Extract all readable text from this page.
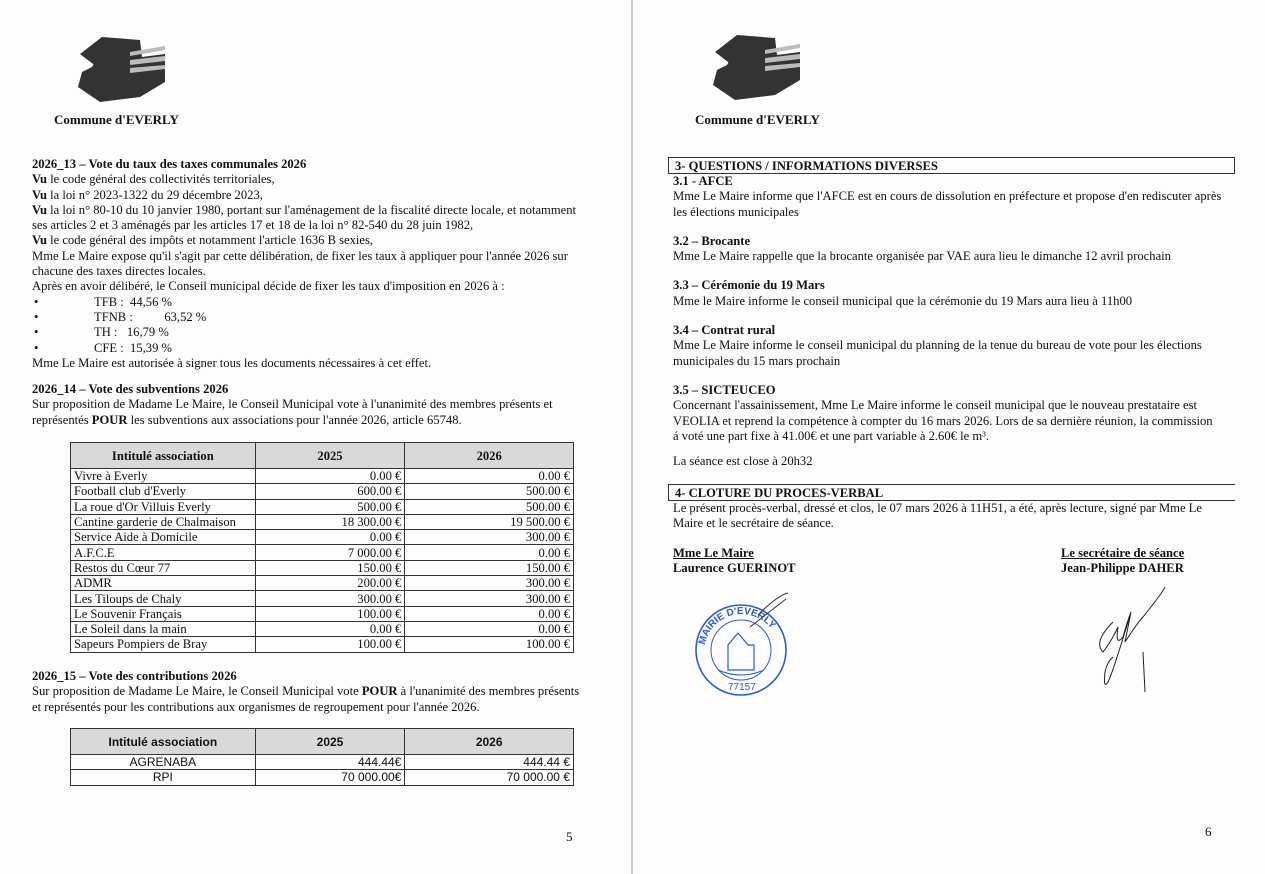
Commune d'EVERLY
2026_13 – Vote du taux des taxes communales 2026
Vu le code général des collectivités territoriales,
Vu la loi n° 2023-1322 du 29 décembre 2023,
Vu la loi n° 80-10 du 10 janvier 1980, portant sur l'aménagement de la fiscalité directe locale, et notamment
ses articles 2 et 3 aménagés par les articles 17 et 18 de la loi n° 82-540 du 28 juin 1982,
Vu le code général des impôts et notamment l'article 1636 B sexies,
Mme Le Maire expose qu'il s'agit par cette délibération, de fixer les taux à appliquer pour l'année 2026 sur
chacune des taxes directes locales.
Après en avoir délibéré, le Conseil municipal décide de fixer les taux d'imposition en 2026 à :
•	TFB :  44,56 %
•	TFNB :          63,52 %
•	TH :   16,79 %
•	CFE :  15,39 %
Mme Le Maire est autorisée à signer tous les documents nécessaires à cet effet.
2026_14 – Vote des subventions 2026
Sur proposition de Madame Le Maire, le Conseil Municipal vote à l'unanimité des membres présents et
représentés POUR les subventions aux associations pour l'année 2026, article 65748.
Intitulé association	2025	2026
Vivre à Everly	0.00 €	0.00 €
Football club d'Everly	600.00 €	500.00 €
La roue d'Or Villuis Everly	500.00 €	500.00 €
Cantine garderie de Chalmaison	18 300.00 €	19 500.00 €
Service Aide à Domicile	0.00 €	300.00 €
A.F.C.E	7 000.00 €	0.00 €
Restos du Cœur 77	150.00 €	150.00 €
ADMR	200.00 €	300.00 €
Les Tiloups de Chaly	300.00 €	300.00 €
Le Souvenir Français	100.00 €	0.00 €
Le Soleil dans la main	0.00 €	0.00 €
Sapeurs Pompiers de Bray	100.00 €	100.00 €
2026_15 – Vote des contributions 2026
Sur proposition de Madame Le Maire, le Conseil Municipal vote POUR à l'unanimité des membres présents
et représentés pour les contributions aux organismes de regroupement pour l'année 2026.
Intitulé association	2025	2026
AGRENABA	444.44€	444.44 €
RPI	70 000.00€	70 000.00 €
5
Commune d'EVERLY
3- QUESTIONS / INFORMATIONS DIVERSES
3.1 - AFCE
Mme Le Maire informe que l'AFCE est en cours de dissolution en préfecture et propose d'en rediscuter après
les élections municipales
3.2 – Brocante
Mme Le Maire rappelle que la brocante organisée par VAE aura lieu le dimanche 12 avril prochain
3.3 – Cérémonie du 19 Mars
Mme le Maire informe le conseil municipal que la cérémonie du 19 Mars aura lieu à 11h00
3.4 – Contrat rural
Mme Le Maire informe le conseil municipal du planning de la tenue du bureau de vote pour les élections
municipales du 15 mars prochain
3.5 – SICTEUCEO
Concernant l'assainissement, Mme Le Maire informe le conseil municipal que le nouveau prestataire est
VEOLIA et reprend la compétence à compter du 16 mars 2026. Lors de sa dernière réunion, la commission
á voté une part fixe à 41.00€ et une part variable à 2.60€ le m³.
La séance est close à 20h32
4- CLOTURE DU PROCES-VERBAL
Le présent procès-verbal, dressé et clos, le 07 mars 2026 à 11H51, a été, après lecture, signé par Mme Le
Maire et le secrétaire de séance.
Mme Le Maire
Laurence GUERINOT
Le secrétaire de séance
Jean-Philippe DAHER
MAIRIE D'EVERLY
77157
6
